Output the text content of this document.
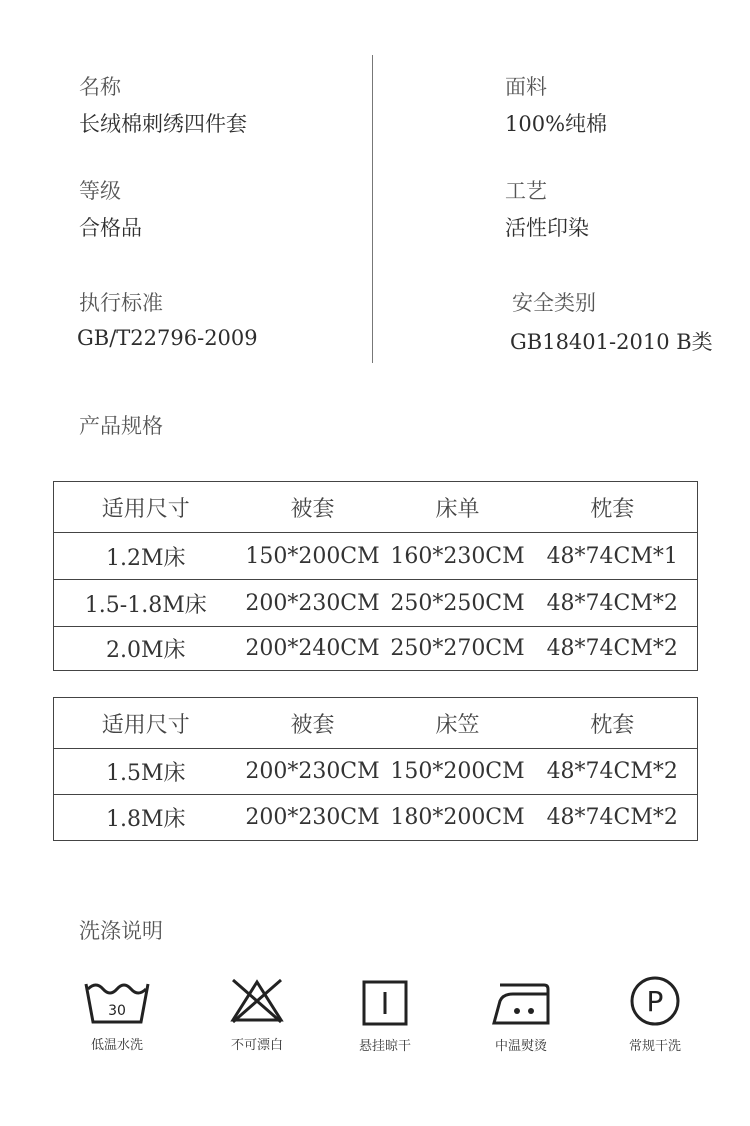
名称
长绒棉刺绣四件套
面料
100%纯棉
等级
合格品
工艺
活性印染
执行标准
GB/T22796-2009
安全类别
GB18401-2010 B类
产品规格
适用尺寸	被套	床单	枕套
1.2M床	150*200CM	160*230CM	48*74CM*1
1.5-1.8M床	200*230CM	250*250CM	48*74CM*2
2.0M床	200*240CM	250*270CM	48*74CM*2
适用尺寸	被套	床笠	枕套
1.5M床	200*230CM	150*200CM	48*74CM*2
1.8M床	200*230CM	180*200CM	48*74CM*2
洗涤说明
30
低温水洗	不可漂白	悬挂晾干	中温熨烫
P
常规干洗
